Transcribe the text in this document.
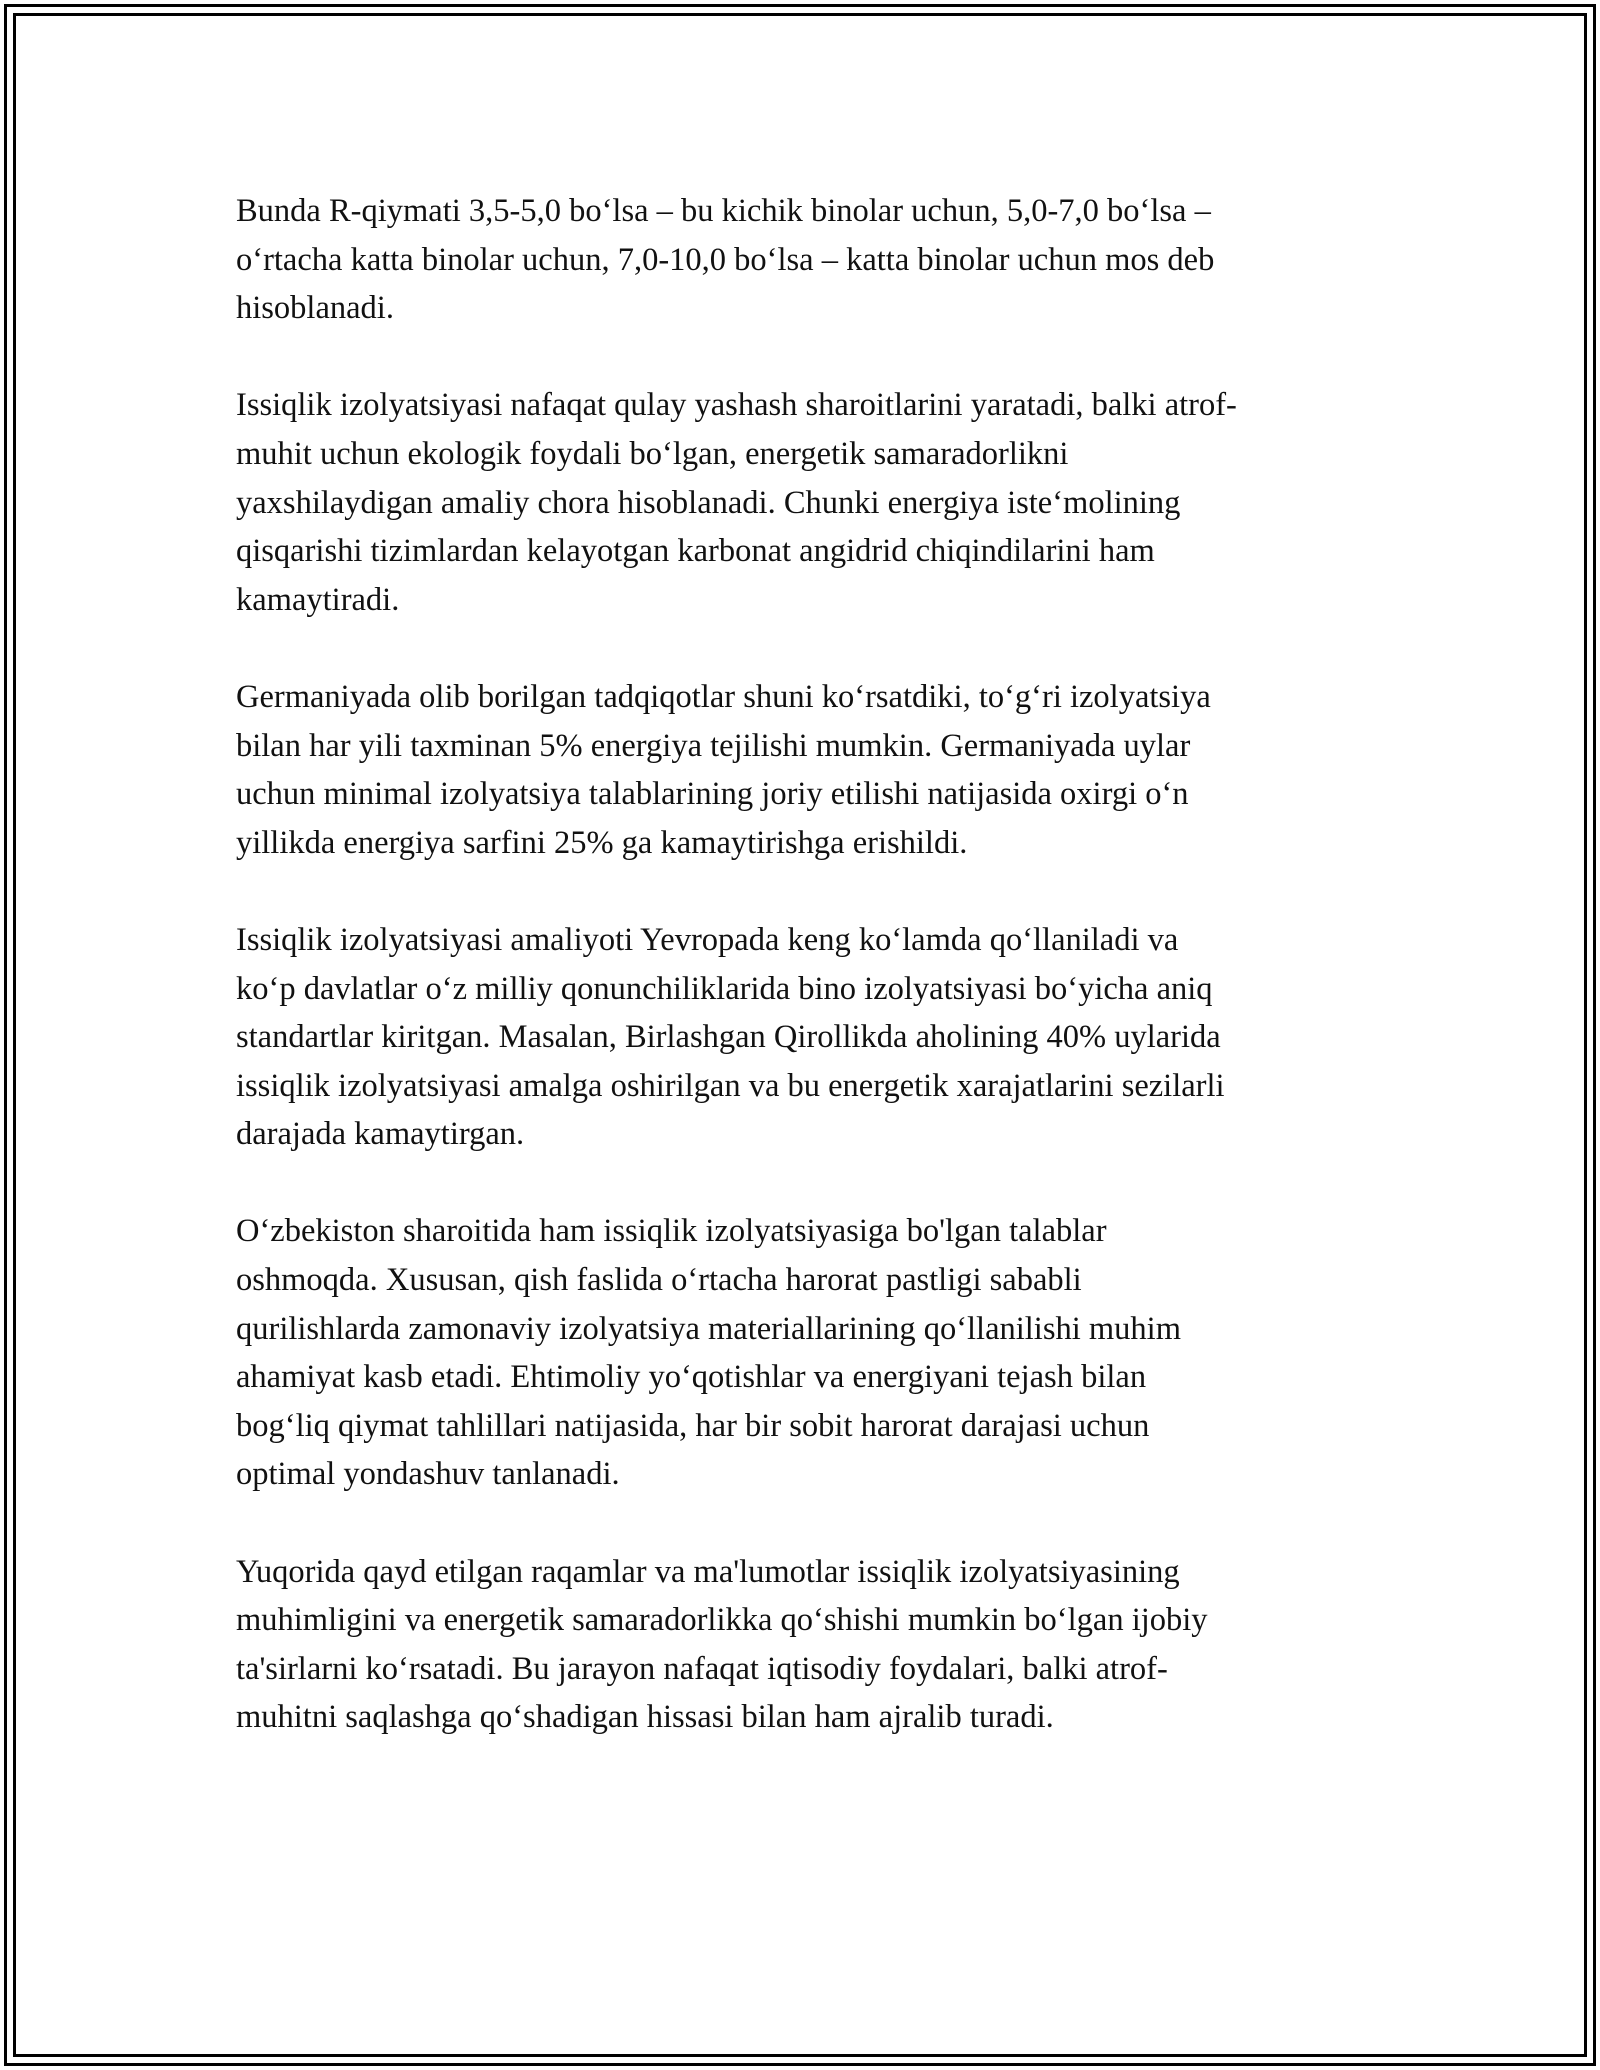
Bunda R-qiymati 3,5-5,0 bo‘lsa – bu kichik binolar uchun, 5,0-7,0 bo‘lsa –
o‘rtacha katta binolar uchun, 7,0-10,0 bo‘lsa – katta binolar uchun mos deb
hisoblanadi.

Issiqlik izolyatsiyasi nafaqat qulay yashash sharoitlarini yaratadi, balki atrof-
muhit uchun ekologik foydali bo‘lgan, energetik samaradorlikni
yaxshilaydigan amaliy chora hisoblanadi. Chunki energiya iste‘molining
qisqarishi tizimlardan kelayotgan karbonat angidrid chiqindilarini ham
kamaytiradi.

Germaniyada olib borilgan tadqiqotlar shuni ko‘rsatdiki, to‘g‘ri izolyatsiya
bilan har yili taxminan 5% energiya tejilishi mumkin. Germaniyada uylar
uchun minimal izolyatsiya talablarining joriy etilishi natijasida oxirgi o‘n
yillikda energiya sarfini 25% ga kamaytirishga erishildi.

Issiqlik izolyatsiyasi amaliyoti Yevropada keng ko‘lamda qo‘llaniladi va
ko‘p davlatlar o‘z milliy qonunchiliklarida bino izolyatsiyasi bo‘yicha aniq
standartlar kiritgan. Masalan, Birlashgan Qirollikda aholining 40% uylarida
issiqlik izolyatsiyasi amalga oshirilgan va bu energetik xarajatlarini sezilarli
darajada kamaytirgan.

O‘zbekiston sharoitida ham issiqlik izolyatsiyasiga bo'lgan talablar
oshmoqda. Xususan, qish faslida o‘rtacha harorat pastligi sababli
qurilishlarda zamonaviy izolyatsiya materiallarining qo‘llanilishi muhim
ahamiyat kasb etadi. Ehtimoliy yo‘qotishlar va energiyani tejash bilan
bog‘liq qiymat tahlillari natijasida, har bir sobit harorat darajasi uchun
optimal yondashuv tanlanadi.

Yuqorida qayd etilgan raqamlar va ma'lumotlar issiqlik izolyatsiyasining
muhimligini va energetik samaradorlikka qo‘shishi mumkin bo‘lgan ijobiy
ta'sirlarni ko‘rsatadi. Bu jarayon nafaqat iqtisodiy foydalari, balki atrof-
muhitni saqlashga qo‘shadigan hissasi bilan ham ajralib turadi.
